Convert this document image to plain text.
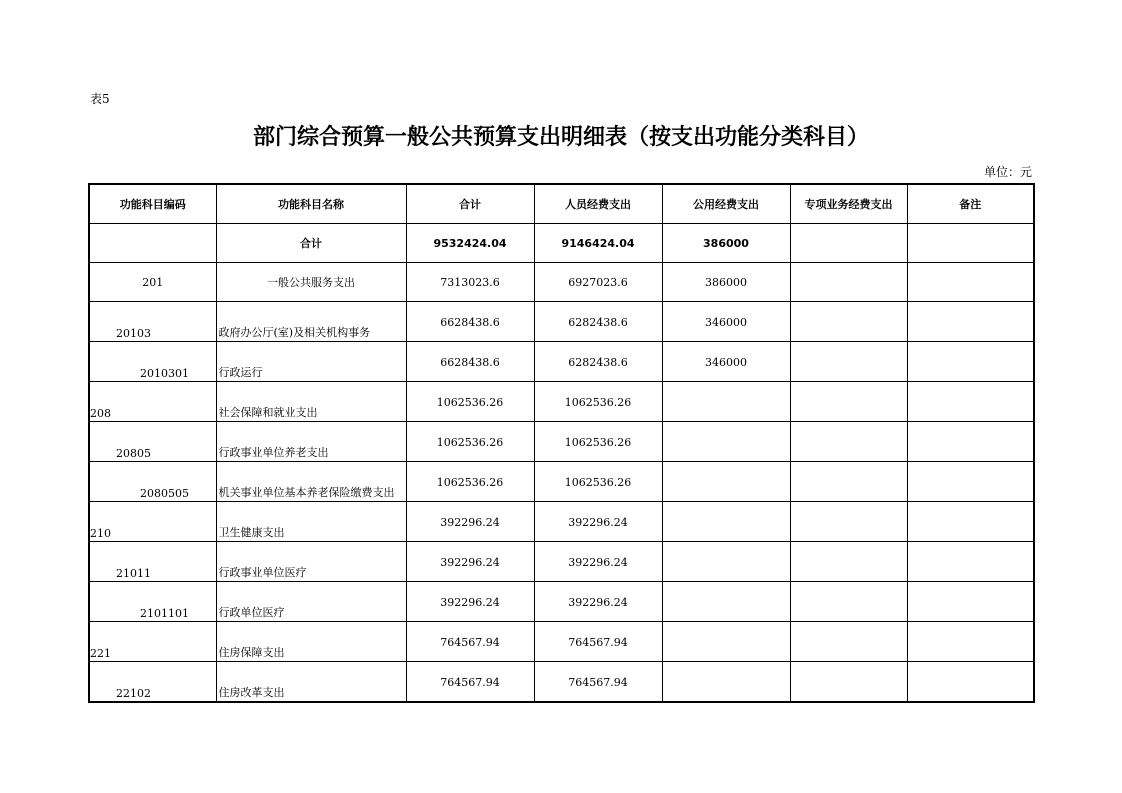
表5
部门综合预算一般公共预算支出明细表（按支出功能分类科目）
单位：元
功能科目编码	功能科目名称	合计	人员经费支出	公用经费支出	专项业务经费支出	备注
	合计	9532424.04	9146424.04	386000		
201	一般公共服务支出	7313023.6	6927023.6	386000		
20103	政府办公厅(室)及相关机构事务	6628438.6	6282438.6	346000		
2010301	行政运行	6628438.6	6282438.6	346000		
208	社会保障和就业支出	1062536.26	1062536.26			
20805	行政事业单位养老支出	1062536.26	1062536.26			
2080505	机关事业单位基本养老保险缴费支出	1062536.26	1062536.26			
210	卫生健康支出	392296.24	392296.24			
21011	行政事业单位医疗	392296.24	392296.24			
2101101	行政单位医疗	392296.24	392296.24			
221	住房保障支出	764567.94	764567.94			
22102	住房改革支出	764567.94	764567.94			
